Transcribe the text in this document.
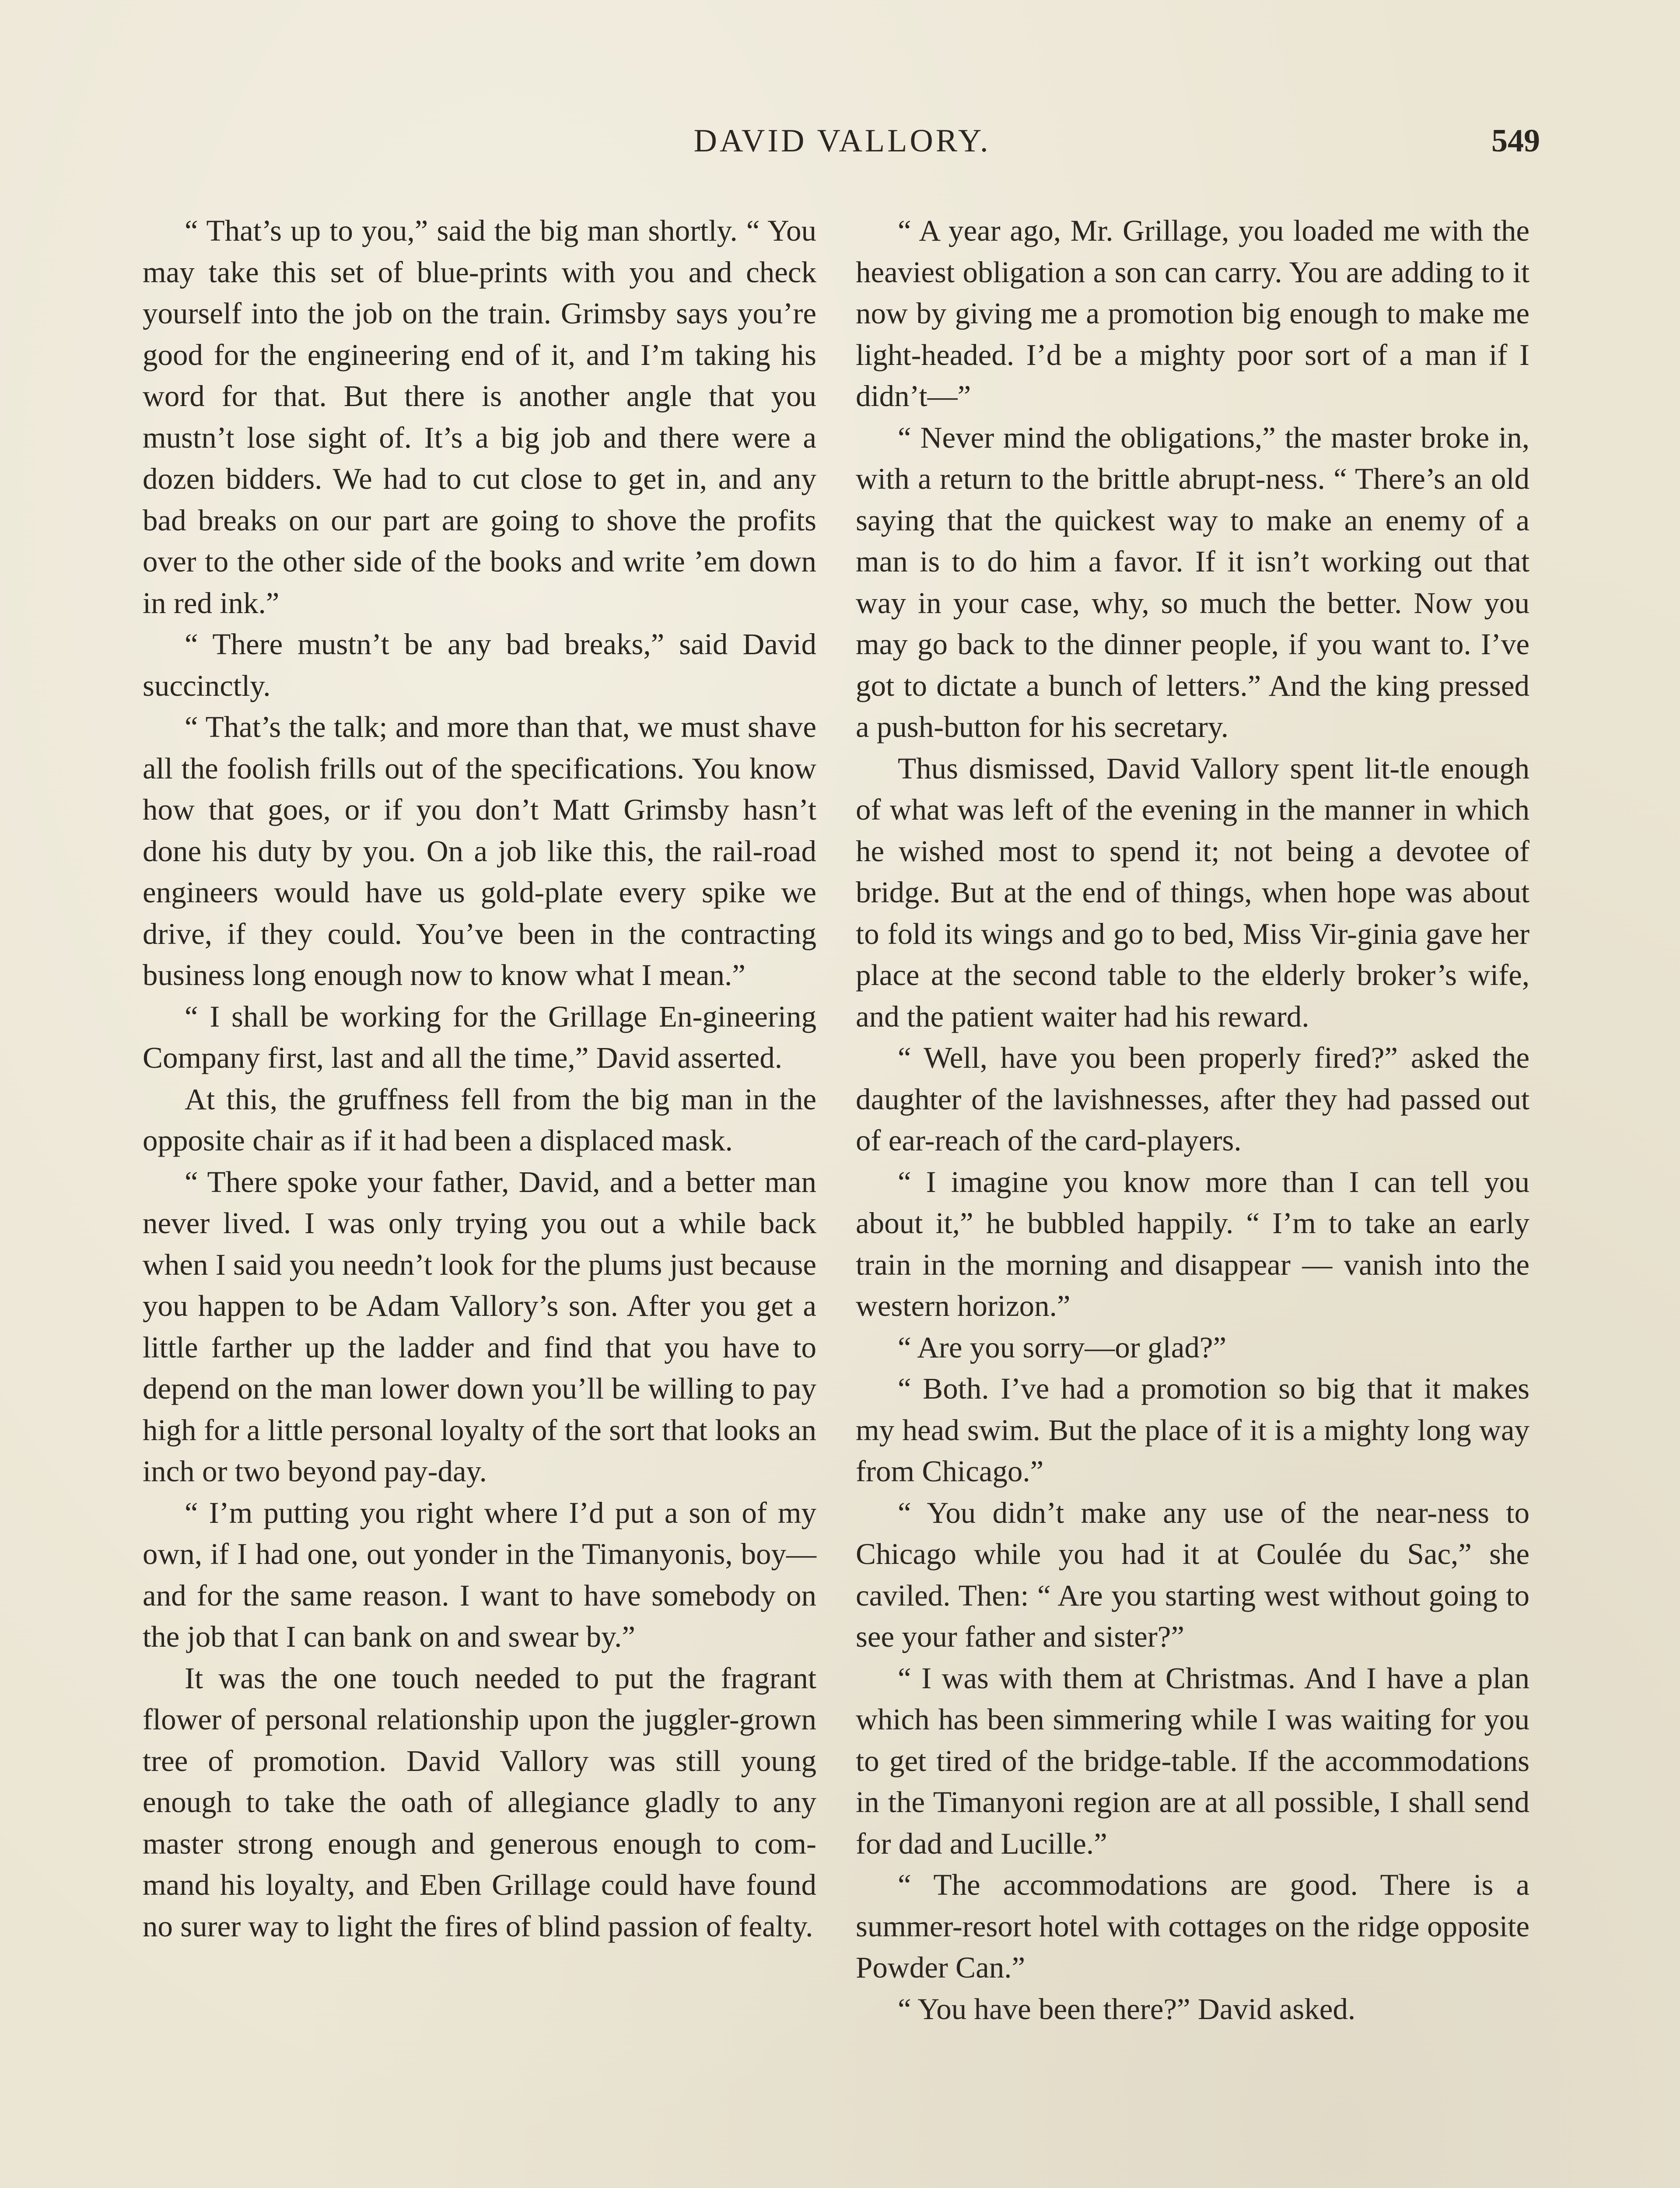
DAVID VALLORY.	549

“ That’s up to you,” said the big man shortly. “ You may take this set of blue-prints with you and check yourself into the job on the train. Grimsby says you’re good for the engineering end of it, and I’m taking his word for that. But there is another angle that you mustn’t lose sight of. It’s a big job and there were a dozen bidders. We had to cut close to get in, and any bad breaks on our part are going to shove the profits over to the other side of the books and write ’em down in red ink.”

“ There mustn’t be any bad breaks,” said David succinctly.

“ That’s the talk; and more than that, we must shave all the foolish frills out of the specifications. You know how that goes, or if you don’t Matt Grimsby hasn’t done his duty by you. On a job like this, the rail-road engineers would have us gold-plate every spike we drive, if they could. You’ve been in the contracting business long enough now to know what I mean.”

“ I shall be working for the Grillage En-gineering Company first, last and all the time,” David asserted.

At this, the gruffness fell from the big man in the opposite chair as if it had been a displaced mask.

“ There spoke your father, David, and a better man never lived. I was only trying you out a while back when I said you needn’t look for the plums just because you happen to be Adam Vallory’s son. After you get a little farther up the ladder and find that you have to depend on the man lower down you’ll be willing to pay high for a little personal loyalty of the sort that looks an inch or two beyond pay-day.

“ I’m putting you right where I’d put a son of my own, if I had one, out yonder in the Timanyonis, boy—and for the same reason. I want to have somebody on the job that I can bank on and swear by.”

It was the one touch needed to put the fragrant flower of personal relationship upon the juggler-grown tree of promotion. David Vallory was still young enough to take the oath of allegiance gladly to any master strong enough and generous enough to com-mand his loyalty, and Eben Grillage could have found no surer way to light the fires of blind passion of fealty.

“ A year ago, Mr. Grillage, you loaded me with the heaviest obligation a son can carry. You are adding to it now by giving me a promotion big enough to make me light-headed. I’d be a mighty poor sort of a man if I didn’t—”

“ Never mind the obligations,” the master broke in, with a return to the brittle abrupt-ness. “ There’s an old saying that the quickest way to make an enemy of a man is to do him a favor. If it isn’t working out that way in your case, why, so much the better. Now you may go back to the dinner people, if you want to. I’ve got to dictate a bunch of letters.” And the king pressed a push-button for his secretary.

Thus dismissed, David Vallory spent lit-tle enough of what was left of the evening in the manner in which he wished most to spend it; not being a devotee of bridge. But at the end of things, when hope was about to fold its wings and go to bed, Miss Vir-ginia gave her place at the second table to the elderly broker’s wife, and the patient waiter had his reward.

“ Well, have you been properly fired?” asked the daughter of the lavishnesses, after they had passed out of ear-reach of the card-players.

“ I imagine you know more than I can tell you about it,” he bubbled happily. “ I’m to take an early train in the morning and disappear — vanish into the western horizon.”

“ Are you sorry—or glad?”

“ Both. I’ve had a promotion so big that it makes my head swim. But the place of it is a mighty long way from Chicago.”

“ You didn’t make any use of the near-ness to Chicago while you had it at Coulée du Sac,” she caviled. Then: “ Are you starting west without going to see your father and sister?”

“ I was with them at Christmas. And I have a plan which has been simmering while I was waiting for you to get tired of the bridge-table. If the accommodations in the Timanyoni region are at all possible, I shall send for dad and Lucille.”

“ The accommodations are good. There is a summer-resort hotel with cottages on the ridge opposite Powder Can.”

“ You have been there?” David asked.
